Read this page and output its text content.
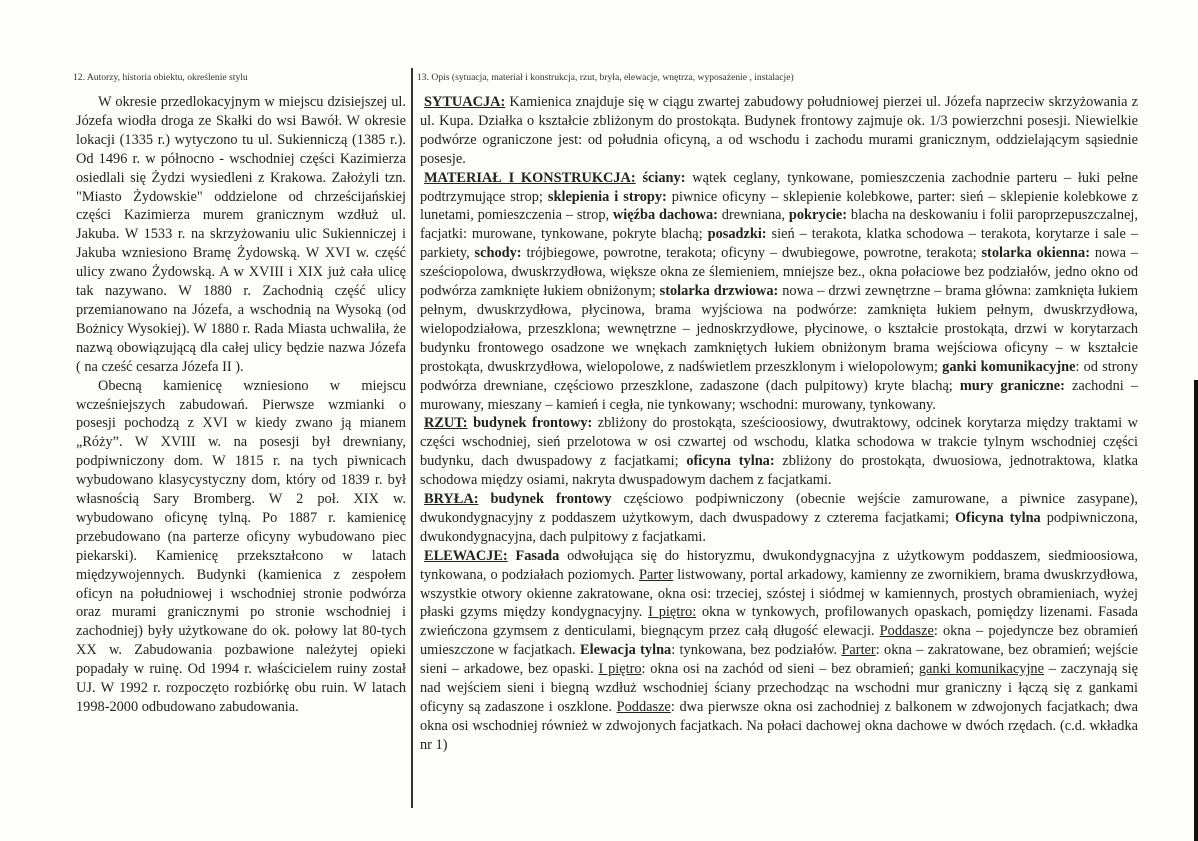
12. Autorzy, historia obiektu, określenie stylu

W okresie przedlokacyjnym w miejscu dzisiejszej ul. Józefa wiodła droga ze Skałki do wsi Bawół. W okresie lokacji (1335 r.) wytyczono tu ul. Sukienniczą (1385 r.). Od 1496 r. w północno - wschodniej części Kazimierza osiedlali się Żydzi wysiedleni z Krakowa. Założyli tzn. "Miasto Żydowskie" oddzielone od chrześcijańskiej części Kazimierza murem granicznym wzdłuż ul. Jakuba. W 1533 r. na skrzyżowaniu ulic Sukienniczej i Jakuba wzniesiono Bramę Żydowską. W XVI w. część ulicy zwano Żydowską. A w XVIII i XIX już cała ulicę tak nazywano. W 1880 r. Zachodnią część ulicy przemianowano na Józefa, a wschodnią na Wysoką (od Bożnicy Wysokiej). W 1880 r. Rada Miasta uchwaliła, że nazwą obowiązującą dla całej ulicy będzie nazwa Józefa ( na cześć cesarza Józefa II ).

Obecną kamienicę wzniesiono w miejscu wcześniejszych zabudowań. Pierwsze wzmianki o posesji pochodzą z XVI w kiedy zwano ją mianem „Róży”. W XVIII w. na posesji był drewniany, podpiwniczony dom. W 1815 r. na tych piwnicach wybudowano klasycystyczny dom, który od 1839 r. był własnością Sary Bromberg. W 2 poł. XIX w. wybudowano oficynę tylną. Po 1887 r. kamienicę przebudowano (na parterze oficyny wybudowano piec piekarski). Kamienicę przekształcono w latach międzywojennych. Budynki (kamienica z zespołem oficyn na południowej i wschodniej stronie podwórza oraz murami granicznymi po stronie wschodniej i zachodniej) były użytkowane do ok. połowy lat 80-tych XX w. Zabudowania pozbawione należytej opieki popadały w ruinę. Od 1994 r. właścicielem ruiny został UJ. W 1992 r. rozpoczęto rozbiórkę obu ruin. W latach 1998-2000 odbudowano zabudowania.

13. Opis (sytuacja, materiał i konstrukcja, rzut, bryła, elewacje, wnętrza, wyposażenie , instalacje)
SYTUACJA: Kamienica znajduje się w ciągu zwartej zabudowy południowej pierzei ul. Józefa naprzeciw skrzyżowania z ul. Kupa. Działka o kształcie zbliżonym do prostokąta. Budynek frontowy zajmuje ok. 1/3 powierzchni posesji. Niewielkie podwórze ograniczone jest: od południa oficyną, a od wschodu i zachodu murami granicznym, oddzielającym sąsiednie posesje.
MATERIAŁ I KONSTRUKCJA: ściany: wątek ceglany, tynkowane, pomieszczenia zachodnie parteru – łuki pełne podtrzymujące strop; sklepienia i stropy: piwnice oficyny – sklepienie kolebkowe, parter: sień – sklepienie kolebkowe z lunetami, pomieszczenia – strop, więźba dachowa: drewniana, pokrycie: blacha na deskowaniu i folii paroprzepuszczalnej, facjatki: murowane, tynkowane, pokryte blachą; posadzki: sień – terakota, klatka schodowa – terakota, korytarze i sale – parkiety, schody: trójbiegowe, powrotne, terakota; oficyny – dwubiegowe, powrotne, terakota; stolarka okienna: nowa – sześciopolowa, dwuskrzydłowa, większe okna ze ślemieniem, mniejsze bez., okna połaciowe bez podziałów, jedno okno od podwórza zamknięte łukiem obniżonym; stolarka drzwiowa: nowa – drzwi zewnętrzne – brama główna: zamknięta łukiem pełnym, dwuskrzydłowa, płycinowa, brama wyjściowa na podwórze: zamknięta łukiem pełnym, dwuskrzydłowa, wielopodziałowa, przeszklona; wewnętrzne – jednoskrzydłowe, płycinowe, o kształcie prostokąta, drzwi w korytarzach budynku frontowego osadzone we wnękach zamkniętych łukiem obniżonym brama wejściowa oficyny – w kształcie prostokąta, dwuskrzydłowa, wielopolowe, z nadświetlem przeszklonym i wielopolowym; ganki komunikacyjne: od strony podwórza drewniane, częściowo przeszklone, zadaszone (dach pulpitowy) kryte blachą; mury graniczne: zachodni – murowany, mieszany – kamień i cegła, nie tynkowany; wschodni: murowany, tynkowany.
RZUT: budynek frontowy: zbliżony do prostokąta, sześcioosiowy, dwutraktowy, odcinek korytarza między traktami w części wschodniej, sień przelotowa w osi czwartej od wschodu, klatka schodowa w trakcie tylnym wschodniej części budynku, dach dwuspadowy z facjatkami; oficyna tylna: zbliżony do prostokąta, dwuosiowa, jednotraktowa, klatka schodowa między osiami, nakryta dwuspadowym dachem z facjatkami.
BRYŁA: budynek frontowy częściowo podpiwniczony (obecnie wejście zamurowane, a piwnice zasypane), dwukondygnacyjny z poddaszem użytkowym, dach dwuspadowy z czterema facjatkami; Oficyna tylna podpiwniczona, dwukondygnacyjna, dach pulpitowy z facjatkami.
ELEWACJE: Fasada odwołująca się do historyzmu, dwukondygnacyjna z użytkowym poddaszem, siedmioosiowa, tynkowana, o podziałach poziomych. Parter listwowany, portal arkadowy, kamienny ze zwornikiem, brama dwuskrzydłowa, wszystkie otwory okienne zakratowane, okna osi: trzeciej, szóstej i siódmej w kamiennych, prostych obramieniach, wyżej płaski gzyms między kondygnacyjny. I piętro: okna w tynkowych, profilowanych opaskach, pomiędzy lizenami. Fasada zwieńczona gzymsem z denticulami, biegnącym przez całą długość elewacji. Poddasze: okna – pojedyncze bez obramień umieszczone w facjatkach. Elewacja tylna: tynkowana, bez podziałów. Parter: okna – zakratowane, bez obramień; wejście sieni – arkadowe, bez opaski. I piętro: okna osi na zachód od sieni – bez obramień; ganki komunikacyjne – zaczynają się nad wejściem sieni i biegną wzdłuż wschodniej ściany przechodząc na wschodni mur graniczny i łączą się z gankami oficyny są zadaszone i oszklone. Poddasze: dwa pierwsze okna osi zachodniej z balkonem w zdwojonych facjatkach; dwa okna osi wschodniej również w zdwojonych facjatkach. Na połaci dachowej okna dachowe w dwóch rzędach. (c.d. wkładka nr 1)
